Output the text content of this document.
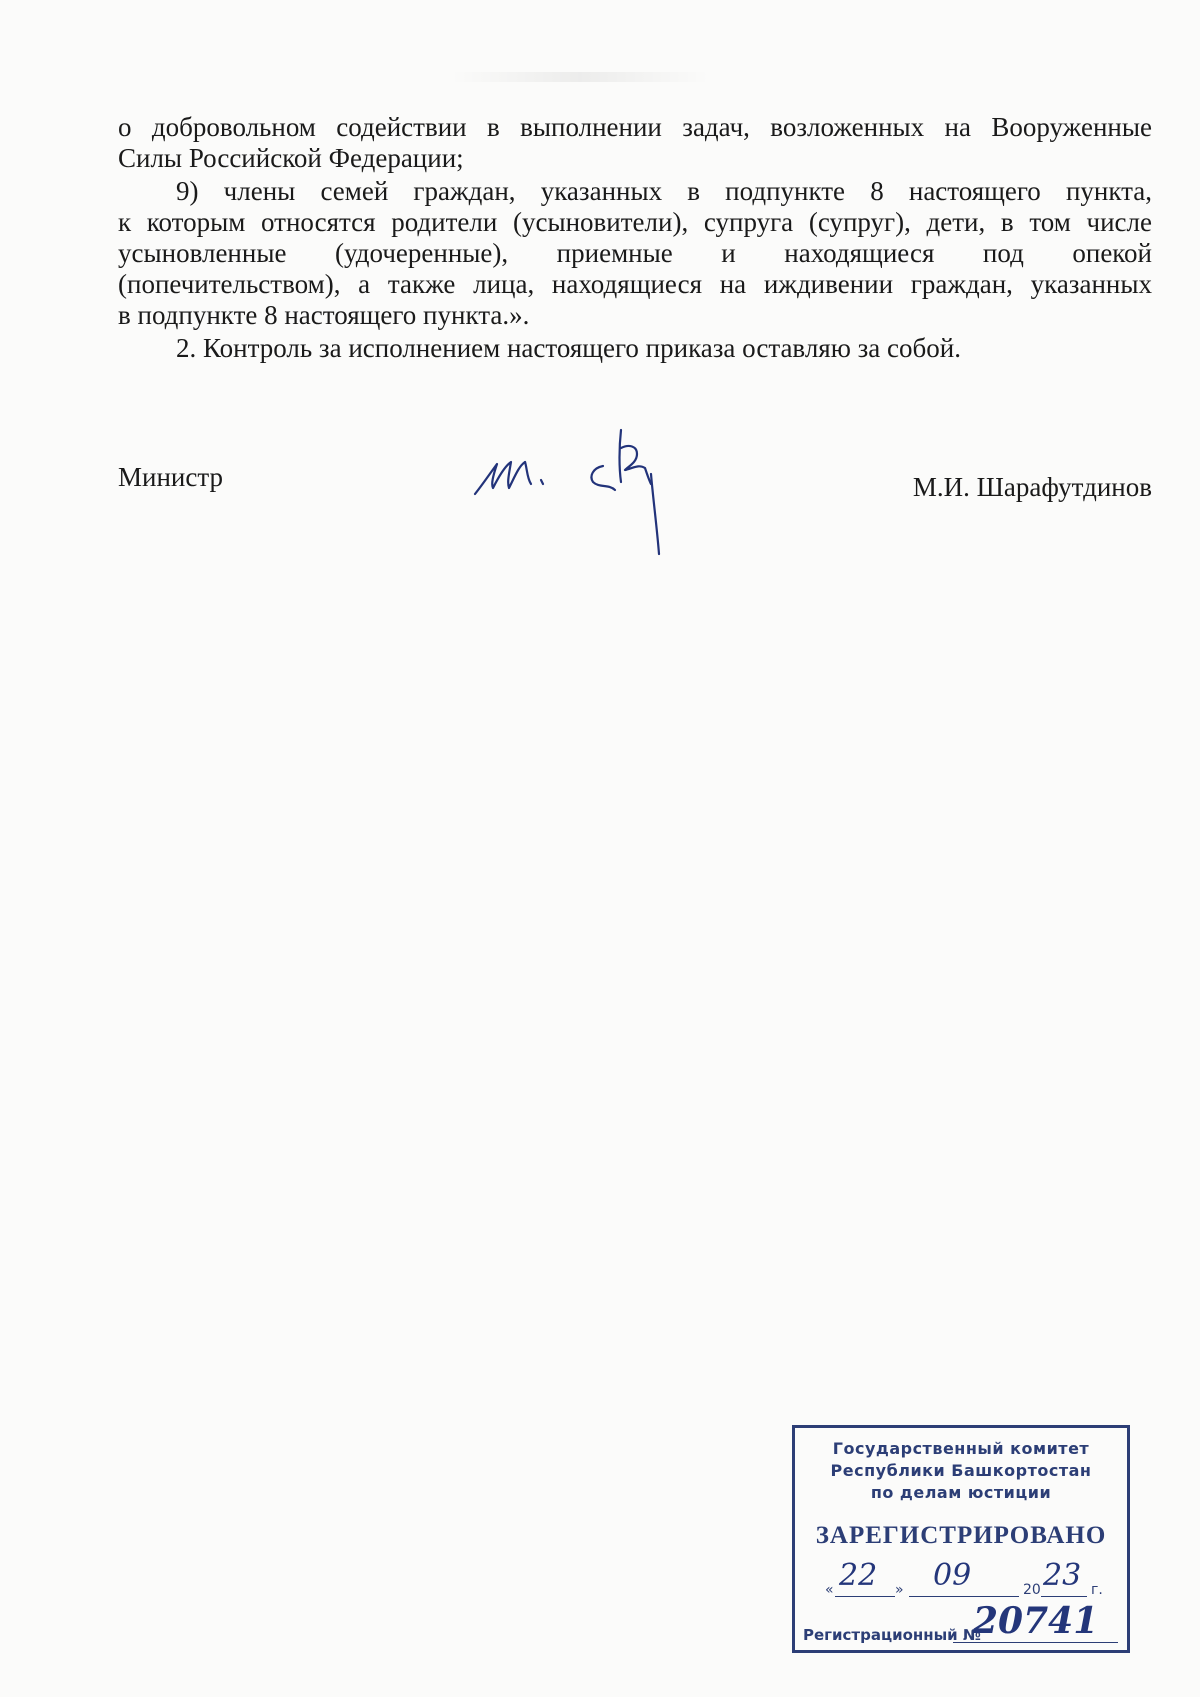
о добровольном содействии в выполнении задач, возложенных на Вооруженные
Силы Российской Федерации;

9) члены семей граждан, указанных в подпункте 8 настоящего пункта,
к которым относятся родители (усыновители), супруга (супруг), дети, в том числе
усыновленные (удочеренные), приемные и находящиеся под опекой
(попечительством), а также лица, находящиеся на иждивении граждан, указанных
в подпункте 8 настоящего пункта.».

2. Контроль за исполнением настоящего приказа оставляю за собой.

Министр	М.И. Шарафутдинов
Государственный комитет
Республики Башкортостан
по делам юстиции
ЗАРЕГИСТРИРОВАНО
« 22 » 09	20 23 г.
Регистрационный №
20741
